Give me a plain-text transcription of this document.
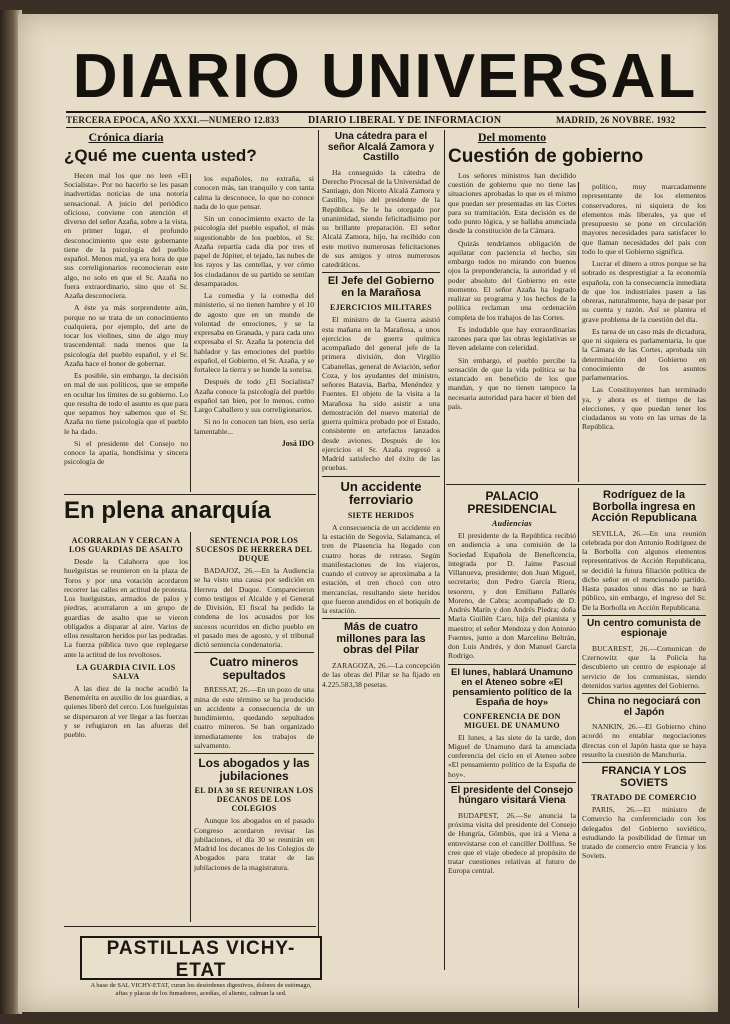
DIARIO UNIVERSAL
TERCERA EPOCA, AÑO XXXI.—NUMERO 12.833	DIARIO LIBERAL Y DE INFORMACION	MADRID, 26 NOVBRE. 1932
Crónica diaria
¿Qué me cuenta usted?

Hecen mal los que no leen «El Socialista». Por no hacerlo se les pasan inadvertidas noticias de una notoria sensacional. A juicio del periódico oficioso, conviene con atención el diverso del señor Azaña, sobre a la vista, en primer lugar, el profundo desconocimiento que este gobernante tiene de la psicología del pueblo español. Menos mal, ya era hora de que sus correligionarios reconocieran este algo, no solo en que el Sr. Azaña no fuera extraordinario, sino que el Sr. Azaña desconociera.

A éste ya más sorprendente aún, porque no se trata de un conocimiento cualquiera, por ejemplo, del arte de tocar los violines, sino de algo muy trascendental: nada menos que la psicología del pueblo español, y el Sr. Azaña hace el honor de gobernar.

Es posible, sin embargo, la decisión en mal de sus políticos, que se empeñe en ocultar los límites de su gobierno. Lo que resulta de todo el asunto es que para que sepamos hoy sabemos que el Sr. Azaña no tiene psicología que el pueblo le ha dado.

Si el presidente del Consejo no conoce la apatía, hondísima y sincera psicología de

los españoles, no extraña, si conocen más, tan tranquilo y con tanta calma la desconoce, lo que no conoce nada de lo que pensar.

Sin un conocimiento exacto de la psicología del pueblo español, el más sugestionable de los pueblos, el Sr. Azaña repartía cada día por tres el papel de Júpiter, el tejado, las nubes de los rayos y las centellas, y ver cómo los ciudadanos de su partido se sentían desamparados.

La comedia y la comedia del ministerio, si no tienen hambre y el 10 de agosto que en un mundo de voluntad de emociones, y se la expresaba en Granada, y para cada uno expresaba el Sr. Azaña la potencia del hablador y las emociones del pueblo español, el Gobierno, el Sr. Azaña, y se fortalece la tierra y se hunde la sonrisa.

Después de todo ¿El Socialista? Azaña conoce la psicología del pueblo español tan bien, por lo menos, como Largo Caballero y sus correligionarios.

Si no lo conocen tan bien, eso sería lamentable...

Josá IDO
Una cátedra para el señor Alcalá Zamora y Castillo

Ha conseguido la cátedra de Derecho Procesal de la Universidad de Santiago, don Niceto Alcalá Zamora y Castillo, hijo del presidente de la República. Se le ha otorgado por unanimidad, siendo felicitadísimo por su brillante preparación. El señor Alcalá Zamora, hijo, ha recibido con este motivo numerosas felicitaciones de sus amigos y otros numerosos catedráticos.

El Jefe del Gobierno en la Marañosa
EJERCICIOS MILITARES

El ministro de la Guerra asistió esta mañana en la Marañosa, a unos ejercicios de guerra química acompañado del general jefe de la primera división, don Virgilio Cabanellas, general de Aviación, señor Coza, y los ayudantes del ministro, señores Batavia, Barba, Menéndez y Fuentes. El objeto de la visita a la Marañosa ha sido asistir a una demostración del nuevo material de guerra química probado por el Estado, consistente en artefactos lanzados desde aviones. Después de los ejercicios el Sr. Azaña regresó a Madrid satisfecho del éxito de las pruebas.

Un accidente ferroviario
SIETE HERIDOS

A consecuencia de un accidente en la estación de Segovia, Salamanca, el tren de Plasencia ha llegado con cuatro horas de retraso. Según manifestaciones de los viajeros, cuando el convoy se aproximaba a la estación, el tren chocó con otro mercancías, resultando siete heridos que fueron atendidos en el botiquín de la estación.

Más de cuatro millones para las obras del Pilar

ZARAGOZA, 26.—La concepción de las obras del Pilar se ha fijado en 4.225.583,38 pesetas.

Del momento
Cuestión de gobierno

Los señores ministros han decidido cuestión de gobierno que no tiene las situaciones aprobadas lo que es el mismo que puedan ser presentadas en las Cortes para su tramitación. Esta decisión es de todo punto lógica, y se hallaba anunciada desde la constitución de la Cámara.

Quizás tendríamos obligación de aquilatar con paciencia el hecho, sin embargo todos no mirando con buenos ojos la preponderancia, la autoridad y el poder absoluto del Gobierno en este momento. El señor Azaña ha logrado realizar su programa y los hechos de la política reclaman una ordenación completa de los trabajos de las Cortes.

Es indudable que hay extraordinarias razones para que las obras legislativas se lleven adelante con celeridad.

Sin embargo, el pueblo percibe la sensación de que la vida política se ha estancado en beneficio de los que mandan, y que no tienen tampoco la necesaria autoridad para hacer el bien del país.

político, muy marcadamente representante de los elementos conservadores, ni siquiera de los elementos más liberales, ya que el presupuesto se pone en circulación mayores necesidades para satisfacer lo que llaman necesidades del país con todo lo que el Gobierno significa.

Lucrar el dinero a otros porque se ha sobrado es desprestigiar a la economía española, con la consecuencia inmediata de que los industriales pasen a las obreras, naturalmente, haya de pasar por su cuenta y razón. Así se plantea el grave problema de la cuestión del día.

Es tarea de un caso más de dictadura, que ni siquiera es parlamentaria, lo que la Cámara de las Cortes, aprobada sin determinación del Gobierno en conocimiento de los asuntos parlamentarios.

Las Constituyentes han terminado ya, y ahora es el tiempo de las elecciones, y que puedan tener los ciudadanos su voto en las urnas de la República.

En plena anarquía
ACORRALAN Y CERCAN A LOS GUARDIAS DE ASALTO

Desde la Calahorra que los huelguistas se reunieron en la plaza de Toros y por una votación acordaron recorrer las calles en actitud de protesta. Los huelguistas, armados de palos y piedras, acorralaron a un grupo de guardias de asalto que se vieron obligados a disparar al aire. Varios de ellos resultaron heridos por las pedradas. La fuerza pública tuvo que replegarse ante la actitud de los revoltosos.

LA GUARDIA CIVIL LOS SALVA

A las diez de la noche acudió la Benemérita en auxilio de los guardias, a quienes liberó del cerco. Los huelguistas se dispersaron al ver llegar a las fuerzas y se refugiaron en las afueras del pueblo.

SENTENCIA POR LOS SUCESOS DE HERRERA DEL DUQUE

BADAJOZ, 26.—En la Audiencia se ha visto una causa por sedición en Herrera del Duque. Comparecieron como testigos el Alcalde y el General de División, El fiscal ha pedido la condena de los acusados por los sucesos ocurridos en dicho pueblo en el pasado mes de agosto, y el tribunal dictó sentencia condenatoria.

Cuatro mineros sepultados

BRESSAT, 26.—En un pozo de una mina de este término se ha producido un accidente a consecuencia de un hundimiento, quedando sepultados cuatro mineros. Se han organizado inmediatamente los trabajos de salvamento.

Los abogados y las jubilaciones
EL DIA 30 SE REUNIRAN LOS DECANOS DE LOS COLEGIOS

Aunque los abogados en el pasado Congreso acordaron revisar las jubilaciones, el día 30 se reunirán en Madrid los decanos de los Colegios de Abogados para tratar de las jubilaciones de la magistratura.

PALACIO PRESIDENCIAL
Audiencias

El presidente de la República recibió en audiencia a una comisión de la Sociedad Española de Beneficencia, integrada por D. Jaime Pascual Villanueva, presidente; don Juan Miguel, secretario; don Pedro García Riera, tesorero, y don Emiliano Pallarés Moreno, de Cabra; acompañado de D. Andrés Marín y don Andrés Piedra; doña María Guillén Caro, hija del pianista y maestro; el señor Mendoza y don Antonio Fuentes, junto a don Marcelino Beltrán, don Luis Andrés, y don Manuel García Rodrigo.

El lunes, hablará Unamuno en el Ateneo sobre «El pensamiento político de la España de hoy»
CONFERENCIA DE DON MIGUEL DE UNAMUNO

El lunes, a las siete de la tarde, don Miguel de Unamuno dará la anunciada conferencia del ciclo en el Ateneo sobre «El pensamiento político de la España de hoy».

El presidente del Consejo húngaro visitará Viena

BUDAPEST, 26.—Se anuncia la próxima visita del presidente del Consejo de Hungría, Gömbös, que irá a Viena a entrevistarse con el canciller Dollfuss. Se cree que el viaje obedece al propósito de tratar cuestiones relativas al futuro de Europa central.

Rodríguez de la Borbolla ingresa en Acción Republicana

SEVILLA, 26.—En una reunión celebrada por don Antonio Rodríguez de la Borbolla con algunos elementos representativos de Acción Republicana, se decidió la futura filiación política de dicho señor en el mencionado partido. Hasta pasados unos días no se hará público, sin embargo, el ingreso del Sr. De la Borbolla en Acción Republicana.

Un centro comunista de espionaje

BUCAREST, 26.—Comunican de Czernowitz que la Policía ha descubierto un centro de espionaje al servicio de los comunistas, siendo detenidos varios agentes del Gobierno.

China no negociará con el Japón

NANKIN, 26.—El Gobierno chino acordó no entablar negociaciones directas con el Japón hasta que se haya resuelto la cuestión de Manchuria.

FRANCIA Y LOS SOVIETS
TRATADO DE COMERCIO

PARIS, 26.—El ministro de Comercio ha conferenciado con los delegados del Gobierno soviético, estudiando la posibilidad de firmar un tratado de comercio entre Francia y los Soviets.

PASTILLAS VICHY-ETAT
A base de SAL VICHY-ETAT, curan los desórdenes digestivos, dolores de estómago, aftas y placas de los fumadores, acedías, el aliento, calman la sed.
